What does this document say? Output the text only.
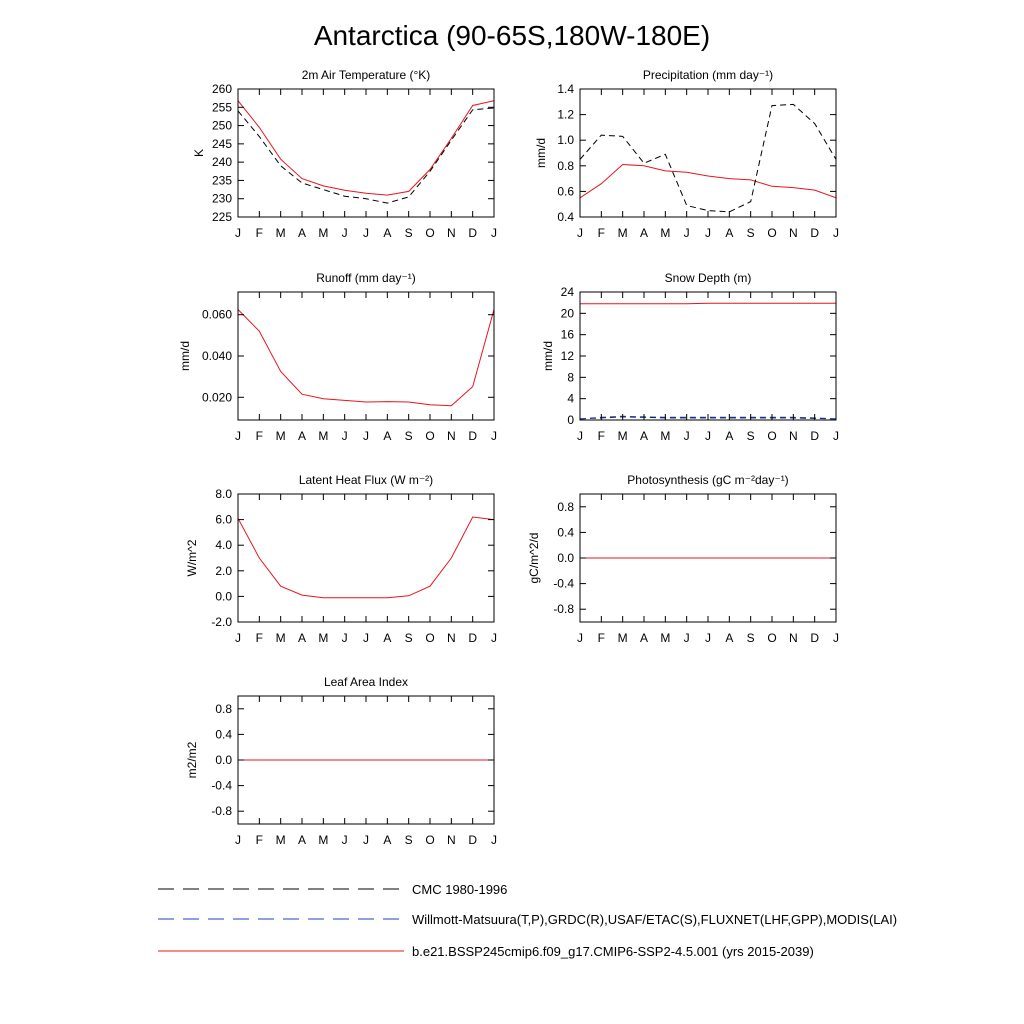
Antarctica (90-65S,180W-180E)
2m Air Temperature (°K)
J F M A M J J A S O N D J
225
230
235
240
245
250
255
260
K
Precipitation (mm day⁻¹)
J F M A M J J A S O N D J
0.4
0.6
0.8
1.0
1.2
1.4
mm/d
Runoff (mm day⁻¹)
J F M A M J J A S O N D J
0.020
0.040
0.060
mm/d
Snow Depth (m)
J F M A M J J A S O N D J
0
4
8
12
16
20
24
mm/d
Latent Heat Flux (W m⁻²)
J F M A M J J A S O N D J
-2.0
0.0
2.0
4.0
6.0
8.0
W/m^2
Photosynthesis (gC m⁻²day⁻¹)
J F M A M J J A S O N D J
-0.8
-0.4
0.0
0.4
0.8
gC/m^2/d
Leaf Area Index
J F M A M J J A S O N D J
-0.8
-0.4
0.0
0.4
0.8
m2/m2
CMC 1980-1996
Willmott-Matsuura(T,P),GRDC(R),USAF/ETAC(S),FLUXNET(LHF,GPP),MODIS(LAI)
b.e21.BSSP245cmip6.f09_g17.CMIP6-SSP2-4.5.001 (yrs 2015-2039)
